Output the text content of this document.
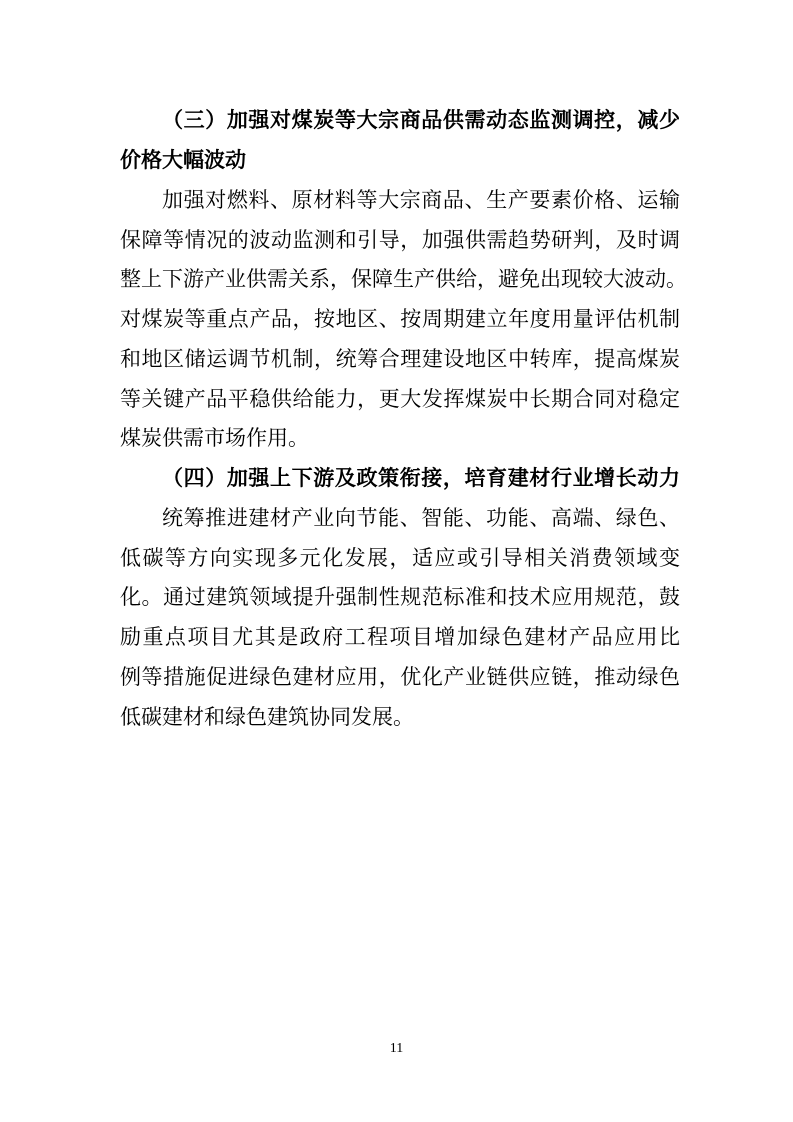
（三）加强对煤炭等大宗商品供需动态监测调控，减少
价格大幅波动
加强对燃料、原材料等大宗商品、生产要素价格、运输
保障等情况的波动监测和引导，加强供需趋势研判，及时调
整上下游产业供需关系，保障生产供给，避免出现较大波动。
对煤炭等重点产品，按地区、按周期建立年度用量评估机制
和地区储运调节机制，统筹合理建设地区中转库，提高煤炭
等关键产品平稳供给能力，更大发挥煤炭中长期合同对稳定
煤炭供需市场作用。
（四）加强上下游及政策衔接，培育建材行业增长动力
统筹推进建材产业向节能、智能、功能、高端、绿色、
低碳等方向实现多元化发展，适应或引导相关消费领域变
化。通过建筑领域提升强制性规范标准和技术应用规范，鼓
励重点项目尤其是政府工程项目增加绿色建材产品应用比
例等措施促进绿色建材应用，优化产业链供应链，推动绿色
低碳建材和绿色建筑协同发展。
11
